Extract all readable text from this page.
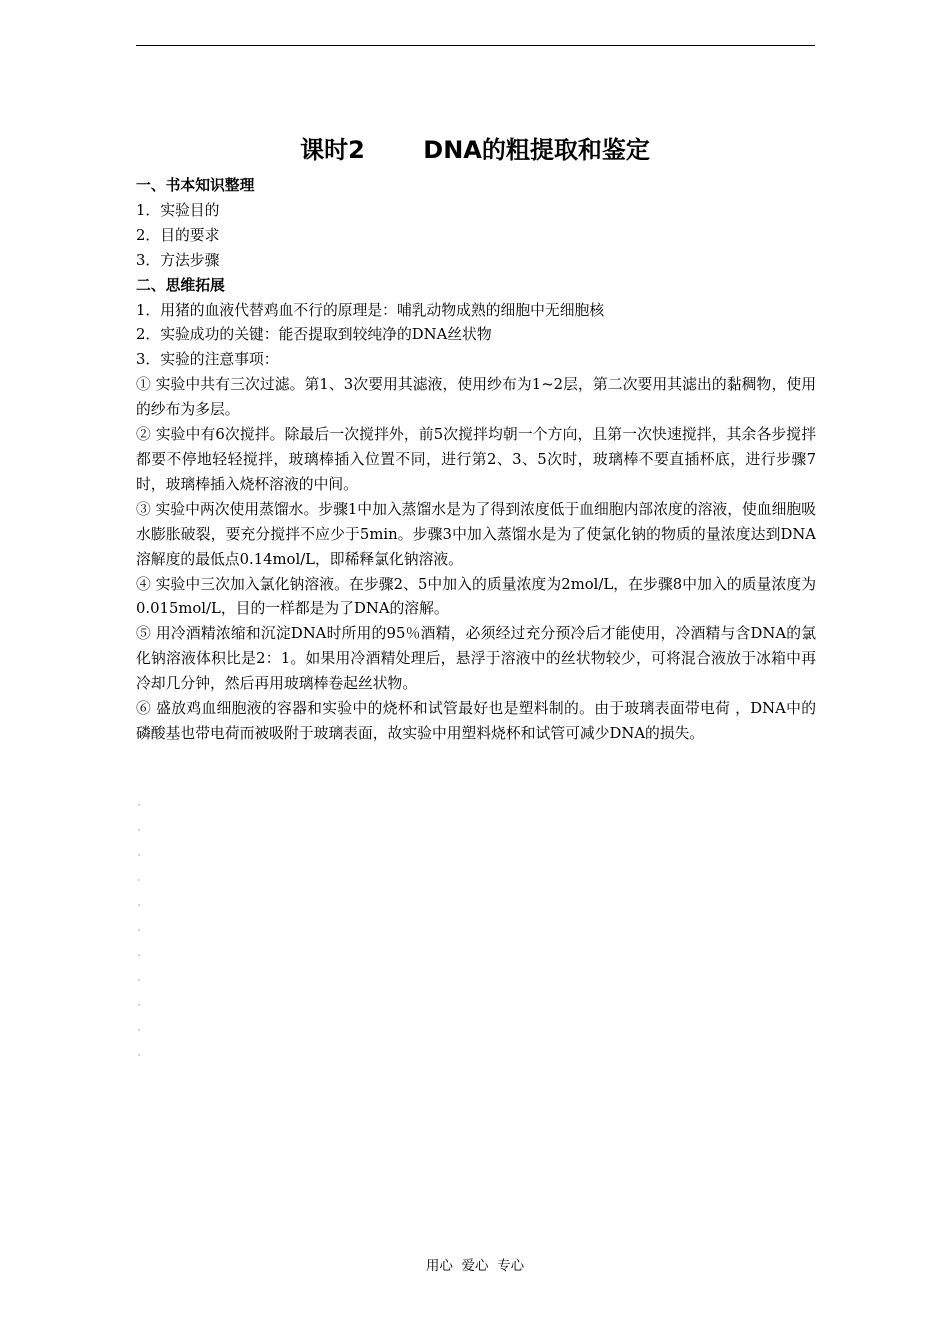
课时2       DNA的粗提取和鉴定

一、书本知识整理

1．实验目的

2．目的要求

3．方法步骤

二、思维拓展

1．用猪的血液代替鸡血不行的原理是：哺乳动物成熟的细胞中无细胞核

2．实验成功的关键：能否提取到较纯净的DNA丝状物

3．实验的注意事项：

① 实验中共有三次过滤。第1、3次要用其滤液，使用纱布为1~2层，第二次要用其滤出的黏稠物，使用的纱布为多层。

② 实验中有6次搅拌。除最后一次搅拌外，前5次搅拌均朝一个方向，且第一次快速搅拌，其余各步搅拌都要不停地轻轻搅拌，玻璃棒插入位置不同，进行第2、3、5次时，玻璃棒不要直插杯底，进行步骤7时，玻璃棒插入烧杯溶液的中间。

③ 实验中两次使用蒸馏水。步骤1中加入蒸馏水是为了得到浓度低于血细胞内部浓度的溶液，使血细胞吸水膨胀破裂，要充分搅拌不应少于5min。步骤3中加入蒸馏水是为了使氯化钠的物质的量浓度达到DNA溶解度的最低点0.14mol/L，即稀释氯化钠溶液。

④ 实验中三次加入氯化钠溶液。在步骤2、5中加入的质量浓度为2mol/L，在步骤8中加入的质量浓度为0.015mol/L，目的一样都是为了DNA的溶解。

⑤ 用冷酒精浓缩和沉淀DNA时所用的95％酒精，必须经过充分预冷后才能使用，冷酒精与含DNA的氯化钠溶液体积比是2：1。如果用冷酒精处理后，悬浮于溶液中的丝状物较少，可将混合液放于冰箱中再冷却几分钟，然后再用玻璃棒卷起丝状物。

⑥ 盛放鸡血细胞液的容器和实验中的烧杯和试管最好也是塑料制的。由于玻璃表面带电荷 ，DNA中的磷酸基也带电荷而被吸附于玻璃表面，故实验中用塑料烧杯和试管可减少DNA的损失。

用心  爱心  专心
